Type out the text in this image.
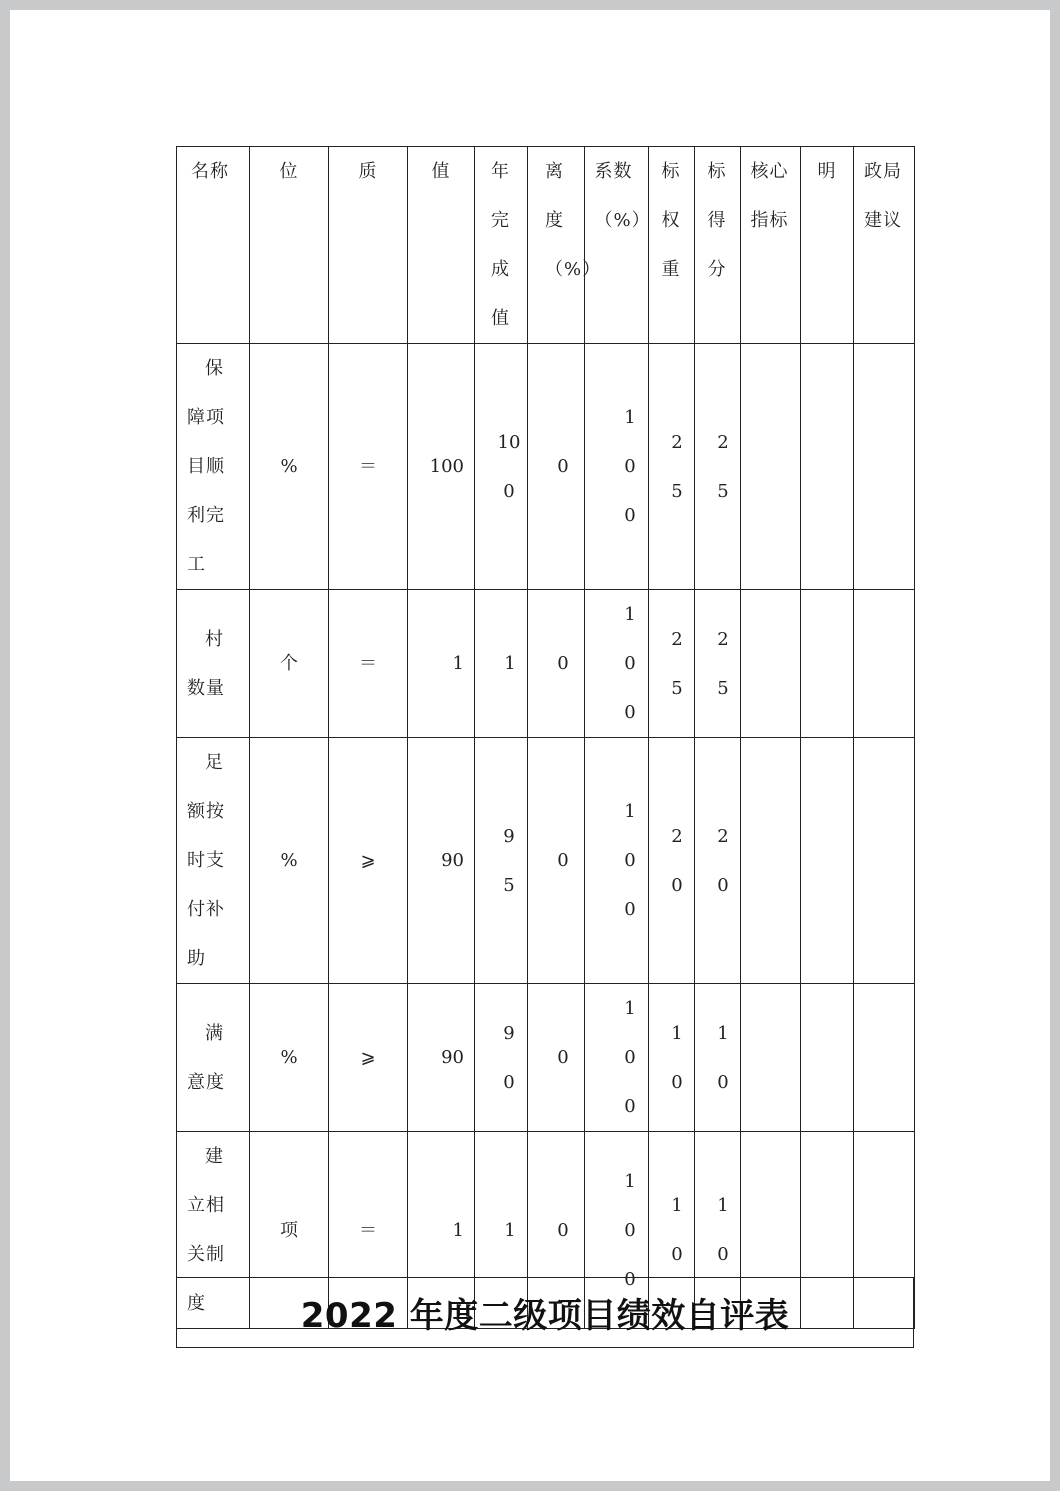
名称	位	质	值	年完成值	离度（%）	系数（%）	标权重	标得分	核心指标	明	政局建议
保障项目顺利完工	%	＝	100	100	0	100	25	25			

村数量	个	＝	1	1	0	100	25	25			

足额按时支付补助	%	⩾	90	95	0	100	20	20			

满意度	%	⩾	90	90	0	100	10	10			

建立相关制度	项	＝	1	1	0	100	10	10			

2022 年度二级项目绩效自评表
